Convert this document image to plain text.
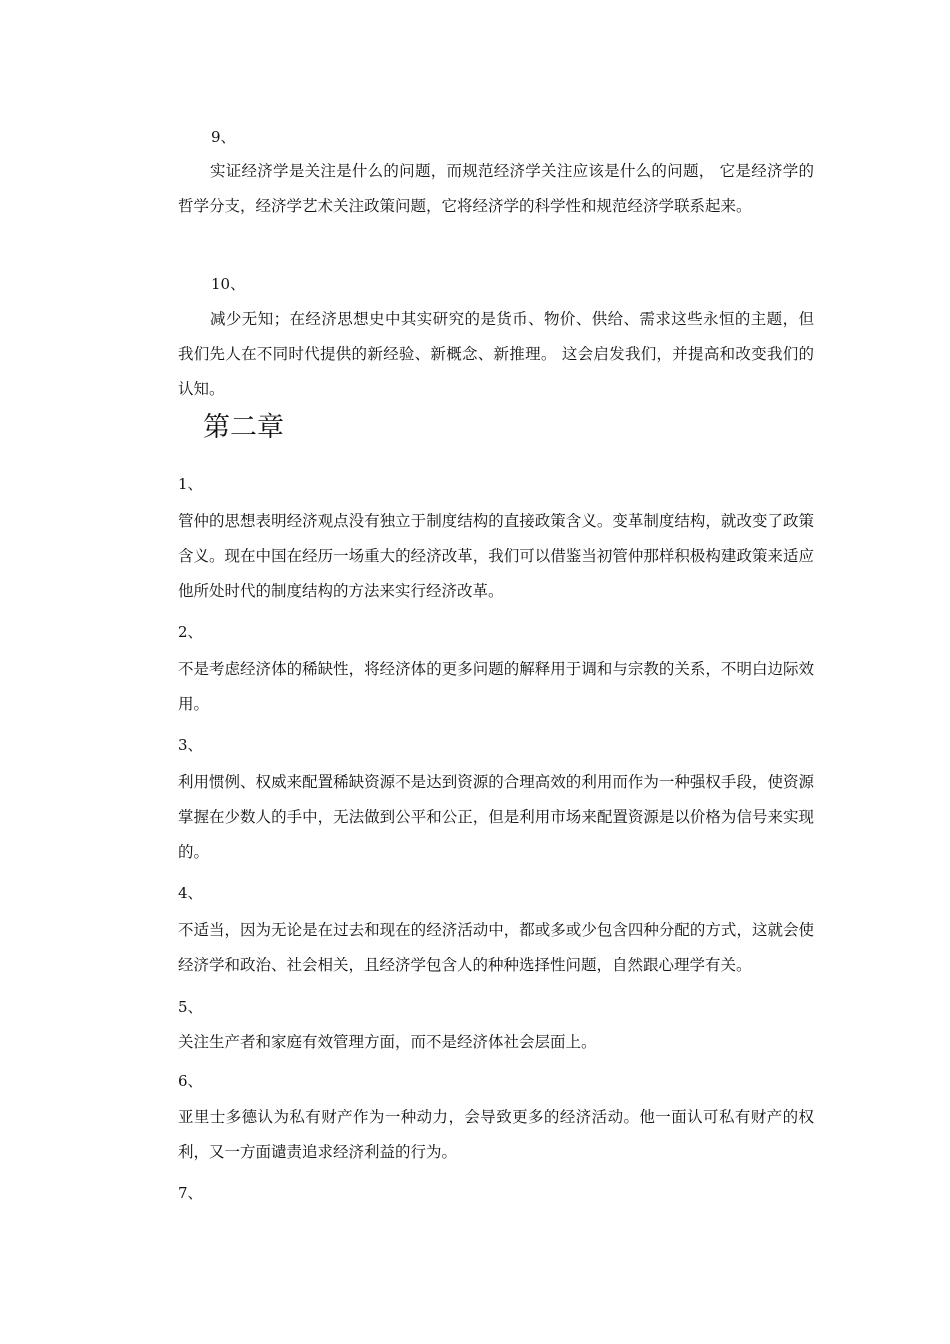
9、
实证经济学是关注是什么的问题，而规范经济学关注应该是什么的问题， 它是经济学的哲学分支，经济学艺术关注政策问题，它将经济学的科学性和规范经济学联系起来。
10、
减少无知；在经济思想史中其实研究的是货币、物价、供给、需求这些永恒的主题，但我们先人在不同时代提供的新经验、新概念、新推理。 这会启发我们，并提高和改变我们的认知。
第二章
1、
管仲的思想表明经济观点没有独立于制度结构的直接政策含义。变革制度结构，就改变了政策含义。现在中国在经历一场重大的经济改革，我们可以借鉴当初管仲那样积极构建政策来适应他所处时代的制度结构的方法来实行经济改革。
2、
不是考虑经济体的稀缺性，将经济体的更多问题的解释用于调和与宗教的关系，不明白边际效用。
3、
利用惯例、权威来配置稀缺资源不是达到资源的合理高效的利用而作为一种强权手段，使资源掌握在少数人的手中，无法做到公平和公正，但是利用市场来配置资源是以价格为信号来实现的。
4、
不适当，因为无论是在过去和现在的经济活动中，都或多或少包含四种分配的方式，这就会使经济学和政治、社会相关，且经济学包含人的种种选择性问题，自然跟心理学有关。
5、
关注生产者和家庭有效管理方面，而不是经济体社会层面上。
6、
亚里士多德认为私有财产作为一种动力，会导致更多的经济活动。他一面认可私有财产的权利，又一方面谴责追求经济利益的行为。
7、
